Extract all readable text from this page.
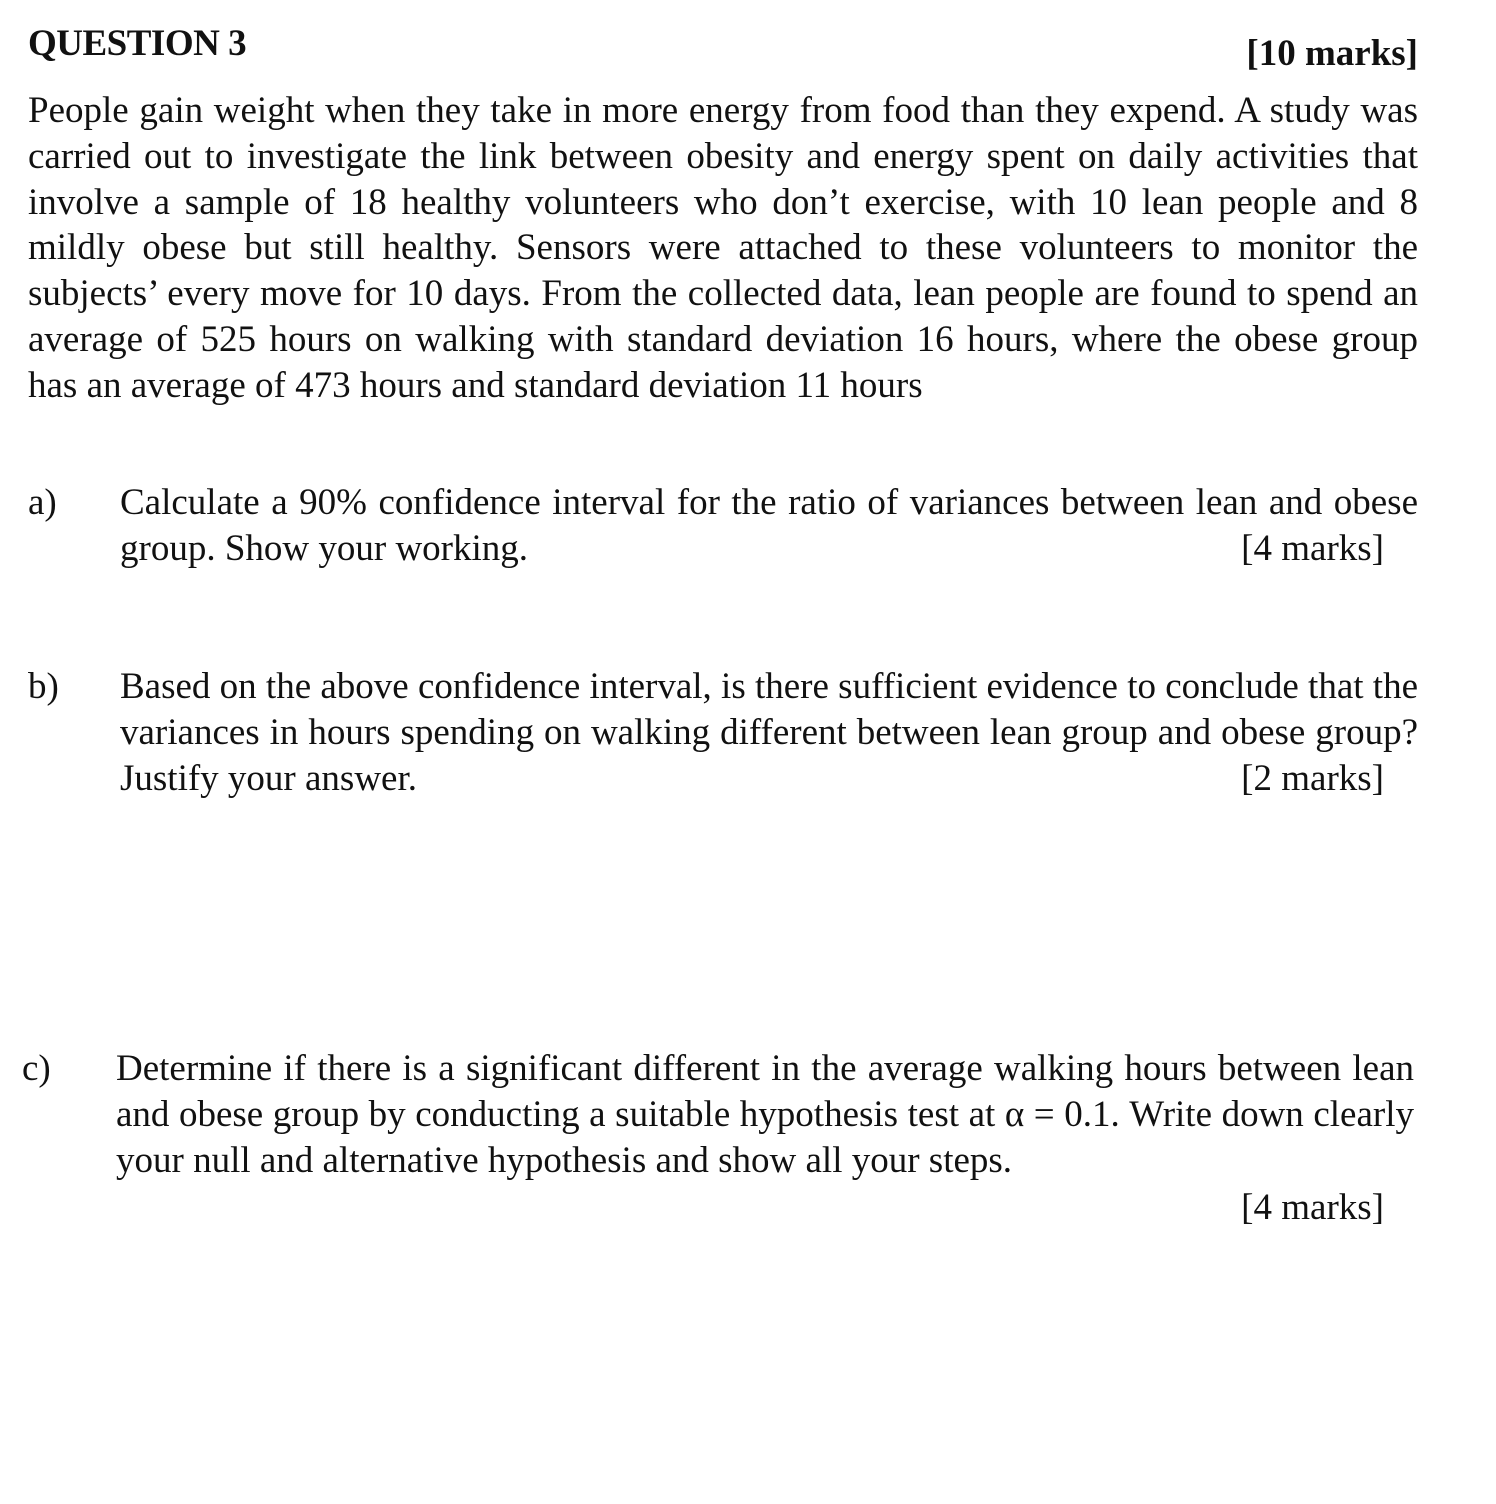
QUESTION 3	[10 marks]
People gain weight when they take in more energy from food than they expend. A study was carried out to investigate the link between obesity and energy spent on daily activities that involve a sample of 18 healthy volunteers who don’t exercise, with 10 lean people and 8 mildly obese but still healthy. Sensors were attached to these volunteers to monitor the subjects’ every move for 10 days. From the collected data, lean people are found to spend an average of 525 hours on walking with standard deviation 16 hours, where the obese group has an average of 473 hours and standard deviation 11 hours
a) Calculate a 90% confidence interval for the ratio of variances between lean and obese group. Show your working.	[4 marks]
b) Based on the above confidence interval, is there sufficient evidence to conclude that the variances in hours spending on walking different between lean group and obese group? Justify your answer.	[2 marks]
c) Determine if there is a significant different in the average walking hours between lean and obese group by conducting a suitable hypothesis test at α = 0.1. Write down clearly your null and alternative hypothesis and show all your steps.
[4 marks]
